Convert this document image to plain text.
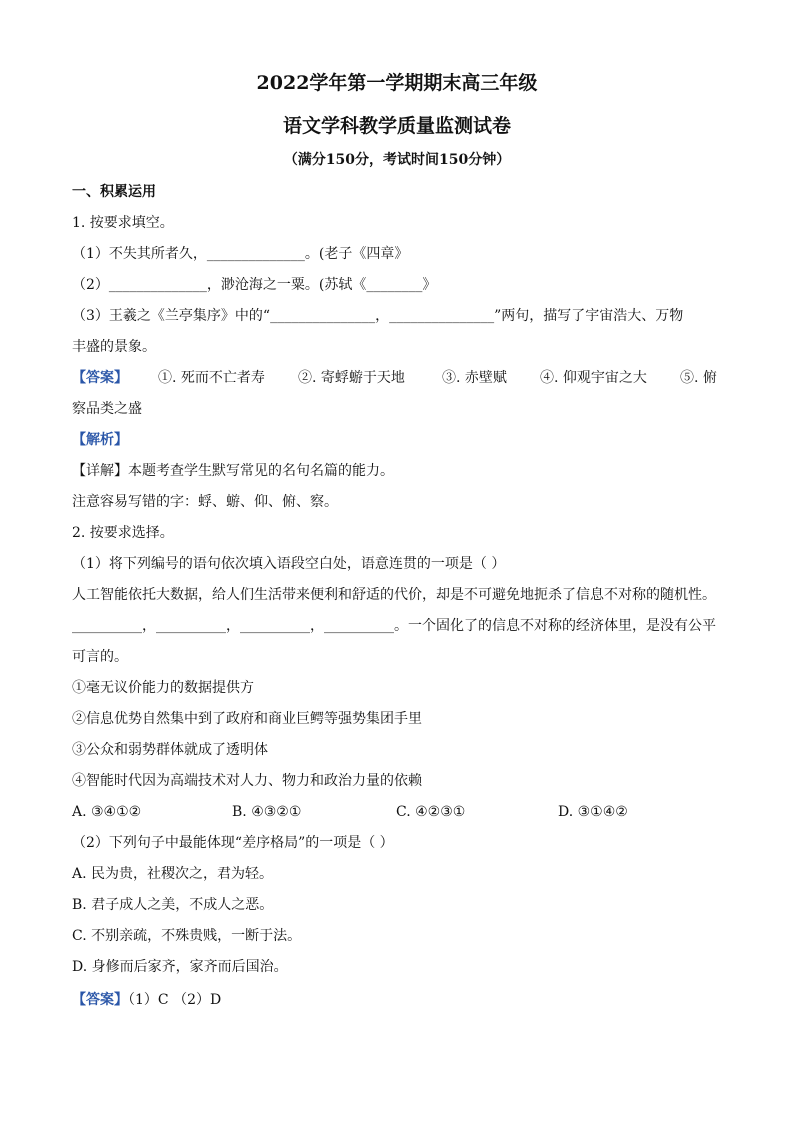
2022学年第一学期期末高三年级
语文学科教学质量监测试卷
（满分150分，考试时间150分钟）
一、积累运用
1. 按要求填空。
（1）不失其所者久，______________。(老子《四章》
（2）______________，渺沧海之一粟。(苏轼《________》
（3）王羲之《兰亭集序》中的“_______________，_______________”两句，描写了宇宙浩大、万物
丰盛的景象。
【答案】 ①. 死而不亡者寿 ②. 寄蜉蝣于天地	③. 赤壁赋 ④. 仰观宇宙之大 ⑤. 俯
察品类之盛
【解析】
【详解】本题考查学生默写常见的名句名篇的能力。
注意容易写错的字：蜉、蝣、仰、俯、察。
2. 按要求选择。
（1）将下列编号的语句依次填入语段空白处，语意连贯的一项是（ ）
人工智能依托大数据，给人们生活带来便利和舒适的代价，却是不可避免地扼杀了信息不对称的随机性。
__________，__________，__________，__________。一个固化了的信息不对称的经济体里，是没有公平
可言的。
①毫无议价能力的数据提供方
②信息优势自然集中到了政府和商业巨鳄等强势集团手里
③公众和弱势群体就成了透明体
④智能时代因为高端技术对人力、物力和政治力量的依赖
A. ③④①②	B. ④③②①	C. ④②③①	D. ③①④②
（2）下列句子中最能体现“差序格局”的一项是（ ）
A. 民为贵，社稷次之，君为轻。
B. 君子成人之美，不成人之恶。
C. 不别亲疏，不殊贵贱，一断于法。
D. 身修而后家齐，家齐而后国治。
【答案】（1）C （2）D
